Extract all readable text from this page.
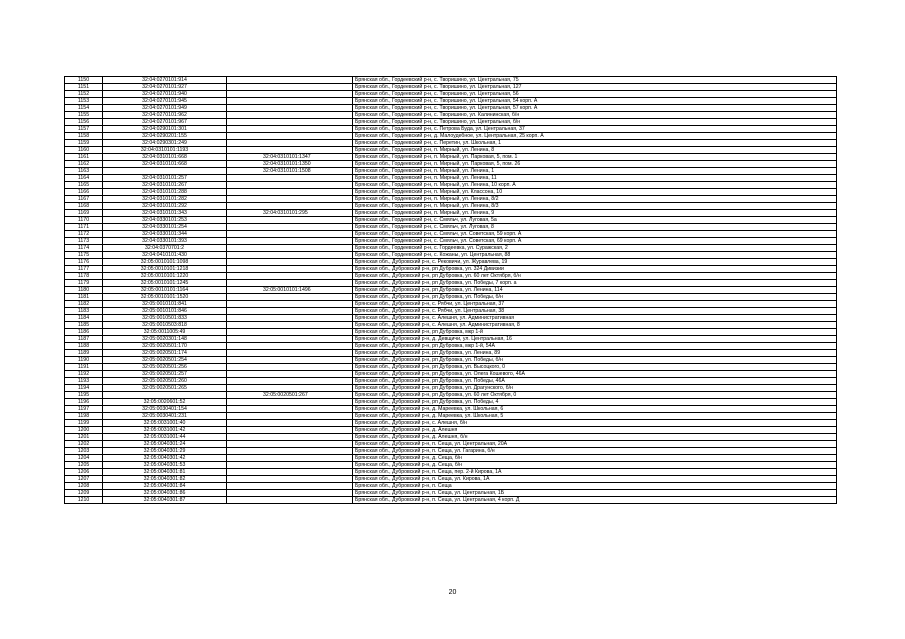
1150	32:04:0270101:914		Брянская обл., Гордеевский р-н, с. Творишино, ул. Центральная, 75
1151	32:04:0270101:927		Брянская обл., Гордеевский р-н, с. Творишино, ул. Центральная, 127
1152	32:04:0270101:940		Брянская обл., Гордеевский р-н, с. Творишино, ул. Центральная, 56
1153	32:04:0270101:945		Брянская обл., Гордеевский р-н, с. Творишино, ул. Центральная, 54 корп. А
1154	32:04:0270101:949		Брянская обл., Гордеевский р-н, с. Творишино, ул. Центральная, 57 корп. А
1155	32:04:0270101:962		Брянская обл., Гордеевский р-н, с. Творишино, ул. Калининская, б/н
1156	32:04:0270101:967		Брянская обл., Гордеевский р-н, с. Творишино, ул. Центральная, б/н
1157	32:04:0290101:301		Брянская обл., Гордеевский р-н, с. Петрова Буда, ул. Центральная, 37
1158	32:04:0290201:155		Брянская обл., Гордеевский р-н, д. Малоудебное, ул. Центральная, 25 корп. А
1159	32:04:0290301:249		Брянская обл., Гордеевский р-н, с. Перетин, ул. Школьная, 1
1160	32:04:0310101:1193		Брянская обл., Гордеевский р-н, п. Мирный, ул. Ленина, 8
1161	32:04:0310101:668	32:04:0310101:1347	Брянская обл., Гордеевский р-н, п. Мирный, ул. Парковая, 5, пом. 1
1162	32:04:0310101:668	32:04:0310101:1350	Брянская обл., Гордеевский р-н, п. Мирный, ул. Парковая, 5, пом. 26
1163		32:04:0310101:1508	Брянская обл., Гордеевский р-н, п. Мирный, ул. Ленина, 1
1164	32:04:0310101:257		Брянская обл., Гордеевский р-н, п. Мирный, ул. Ленина, 11
1165	32:04:0310101:267		Брянская обл., Гордеевский р-н, п. Мирный, ул. Ленина, 10 корп. А
1166	32:04:0310101:288		Брянская обл., Гордеевский р-н, п. Мирный, ул. Классона, 10
1167	32:04:0310101:282		Брянская обл., Гордеевский р-н, п. Мирный, ул. Ленина, 8/2
1168	32:04:0310101:292		Брянская обл., Гордеевский р-н, п. Мирный, ул. Ленина, 8/3
1169	32:04:0310101:343	32:04:0310101:295	Брянская обл., Гордеевский р-н, п. Мирный, ул. Ленина, 9
1170	32:04:0330101:253		Брянская обл., Гордеевский р-н, с. Смяльч, ул. Луговая, 5а
1171	32:04:0330101:254		Брянская обл., Гордеевский р-н, с. Смяльч, ул. Луговая, 8
1172	32:04:0330101:344		Брянская обл., Гордеевский р-н, с. Смяльч, ул. Советская, 59 корп. А
1173	32:04:0330101:393		Брянская обл., Гордеевский р-н, с. Смяльч, ул. Советская, 69 корп. А
1174	32:04:0370701:2		Брянская обл., Гордеевский р-н, с. Гордеевка, ул. Суражская, 2
1175	32:04:0410101:430		Брянская обл., Гордеевский р-н, с. Кожаны, ул. Центральная, 88
1176	32:05:0010101:1098		Брянская обл., Дубровский р-н, с. Рековичи, ул. Журавлева, 19
1177	32:05:0010101:1218		Брянская обл., Дубровский р-н, рп Дубровка, ул. 324 Дивизии
1178	32:05:0010101:1220		Брянская обл., Дубровский р-н, рп Дубровка, ул. 60 лет Октября, б/н
1179	32:05:0010101:1245		Брянская обл., Дубровский р-н, рп Дубровка, ул. Победы, 7 корп. а
1180	32:05:0010101:1164	32:05:0010101:1496	Брянская обл., Дубровский р-н, рп Дубровка, ул. Ленина, 114
1181	32:05:0010101:1520		Брянская обл., Дубровский р-н, рп Дубровка, ул. Победы, б/н
1182	32:05:0010101:841		Брянская обл., Дубровский р-н, с. Рябчи, ул. Центральная, 37
1183	32:05:0010101:846		Брянская обл., Дубровский р-н, с. Рябчи, ул. Центральная, 38
1184	32:05:0010501:833		Брянская обл., Дубровский р-н, с. Алешня, ул. Административная
1185	32:05:0010503:818		Брянская обл., Дубровский р-н, с. Алешня, ул. Административная, 8
1186	32:05:0011005:49		Брянская обл., Дубровский р-н, рп Дубровка, мкр 1-й
1187	32:05:0020301:148		Брянская обл., Дубровский р-н, д. Девщичи, ул. Центральная, 16
1188	32:05:0020501:170		Брянская обл., Дубровский р-н, рп Дубровка, мкр 1-й, 54А
1189	32:05:0020501:174		Брянская обл., Дубровский р-н, рп Дубровка, ул. Ленина, 89
1190	32:05:0020501:254		Брянская обл., Дубровский р-н, рп Дубровка, ул. Победы, б/н
1191	32:05:0020501:256		Брянская обл., Дубровский р-н, рп Дубровка, ул. Высоцкого, 0
1192	32:05:0020501:257		Брянская обл., Дубровский р-н, рп Дубровка, ул. Олега Кошевого, 46А
1193	32:05:0020501:260		Брянская обл., Дубровский р-н, рп Дубровка, ул. Победы, 46А
1194	32:05:0020501:265		Брянская обл., Дубровский р-н, рп Дубровка, ул. Драгунского, б/н
1195		32:05:0020501:267	Брянская обл., Дубровский р-н, рп Дубровка, ул. 60 лет Октября, 0
1196	32:05:0020601:52		Брянская обл., Дубровский р-н, рп Дубровка, ул. Победы, 4
1197	32:05:0030401:154		Брянская обл., Дубровский р-н, д. Мареевка, ул. Школьная, 6
1198	32:05:0030401:231		Брянская обл., Дубровский р-н, д. Мареевка, ул. Школьная, 5
1199	32:05:0031001:40		Брянская обл., Дубровский р-н, с. Алешня, б/н
1200	32:05:0031001:42		Брянская обл., Дубровский р-н, д. Алешня
1201	32:05:0031001:44		Брянская обл., Дубровский р-н, д. Алешня, б/н
1202	32:05:0040301:24		Брянская обл., Дубровский р-н, п. Сеща, ул. Центральная, 20А
1203	32:05:0040301:29		Брянская обл., Дубровский р-н, п. Сеща, ул. Гагарина, б/н
1204	32:05:0040301:42		Брянская обл., Дубровский р-н, д. Сеща, б/н
1205	32:05:0040301:53		Брянская обл., Дубровский р-н, д. Сеща, б/н
1206	32:05:0040301:81		Брянская обл., Дубровский р-н, п. Сеща, пер. 2-й Кирова, 1А
1207	32:05:0040301:82		Брянская обл., Дубровский р-н, п. Сеща, ул. Кирова, 1А
1208	32:05:0040301:84		Брянская обл., Дубровский р-н, п. Сеща
1209	32:05:0040301:86		Брянская обл., Дубровский р-н, п. Сеща, ул. Центральная, 1Б
1210	32:05:0040301:87		Брянская обл., Дубровский р-н, п. Сеща, ул. Центральная, 4 корп. Д
20
